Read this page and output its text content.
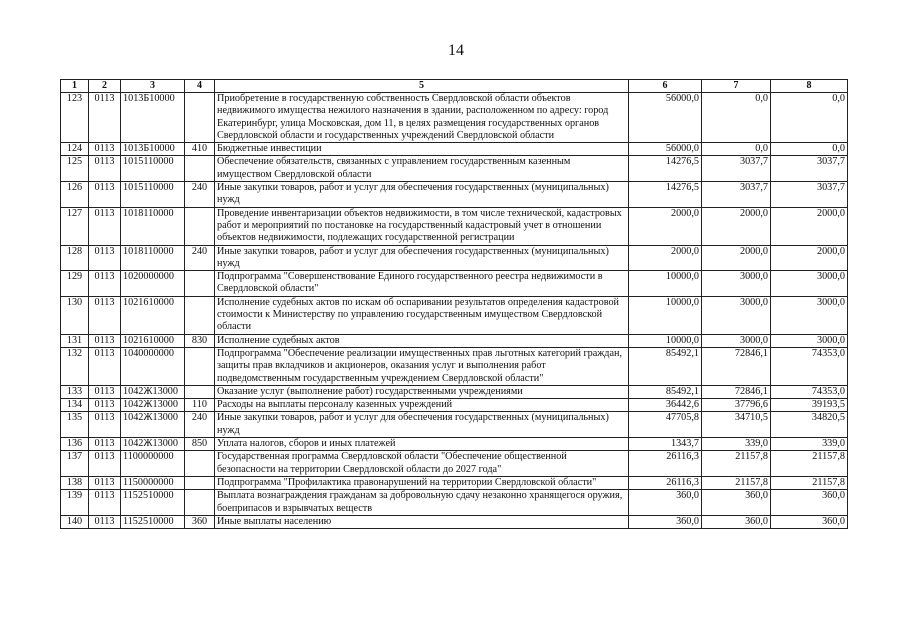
14
1	2	3	4	5	6	7	8
123	0113	1013Б10000		Приобретение в государственную собственность Свердловской области объектов недвижимого имущества нежилого назначения в здании, расположенном по адресу: город Екатеринбург, улица Московская, дом 11, в целях размещения государственных органов Свердловской области и государственных учреждений Свердловской области	56000,0	0,0	0,0
124	0113	1013Б10000	410	Бюджетные инвестиции	56000,0	0,0	0,0
125	0113	1015110000		Обеспечение обязательств, связанных с управлением государственным казенным имуществом Свердловской области	14276,5	3037,7	3037,7
126	0113	1015110000	240	Иные закупки товаров, работ и услуг для обеспечения государственных (муниципальных) нужд	14276,5	3037,7	3037,7
127	0113	1018110000		Проведение инвентаризации объектов недвижимости, в том числе технической, кадастровых работ и мероприятий по постановке на государственный кадастровый учет в отношении объектов недвижимости, подлежащих государственной регистрации	2000,0	2000,0	2000,0
128	0113	1018110000	240	Иные закупки товаров, работ и услуг для обеспечения государственных (муниципальных) нужд	2000,0	2000,0	2000,0
129	0113	1020000000		Подпрограмма "Совершенствование Единого государственного реестра недвижимости в Свердловской области"	10000,0	3000,0	3000,0
130	0113	1021610000		Исполнение судебных актов по искам об оспаривании результатов определения кадастровой стоимости к Министерству по управлению государственным имуществом Свердловской области	10000,0	3000,0	3000,0
131	0113	1021610000	830	Исполнение судебных актов	10000,0	3000,0	3000,0
132	0113	1040000000		Подпрограмма "Обеспечение реализации имущественных прав льготных категорий граждан, защиты прав вкладчиков и акционеров, оказания услуг и выполнения работ подведомственным государственным учреждением Свердловской области"	85492,1	72846,1	74353,0
133	0113	1042Ж13000		Оказание услуг (выполнение работ) государственными учреждениями	85492,1	72846,1	74353,0
134	0113	1042Ж13000	110	Расходы на выплаты персоналу казенных учреждений	36442,6	37796,6	39193,5
135	0113	1042Ж13000	240	Иные закупки товаров, работ и услуг для обеспечения государственных (муниципальных) нужд	47705,8	34710,5	34820,5
136	0113	1042Ж13000	850	Уплата налогов, сборов и иных платежей	1343,7	339,0	339,0
137	0113	1100000000		Государственная программа Свердловской области "Обеспечение общественной безопасности на территории Свердловской области до 2027 года"	26116,3	21157,8	21157,8
138	0113	1150000000		Подпрограмма "Профилактика правонарушений на территории Свердловской области"	26116,3	21157,8	21157,8
139	0113	1152510000		Выплата вознаграждения гражданам за добровольную сдачу незаконно хранящегося оружия, боеприпасов и взрывчатых веществ	360,0	360,0	360,0
140	0113	1152510000	360	Иные выплаты населению	360,0	360,0	360,0
